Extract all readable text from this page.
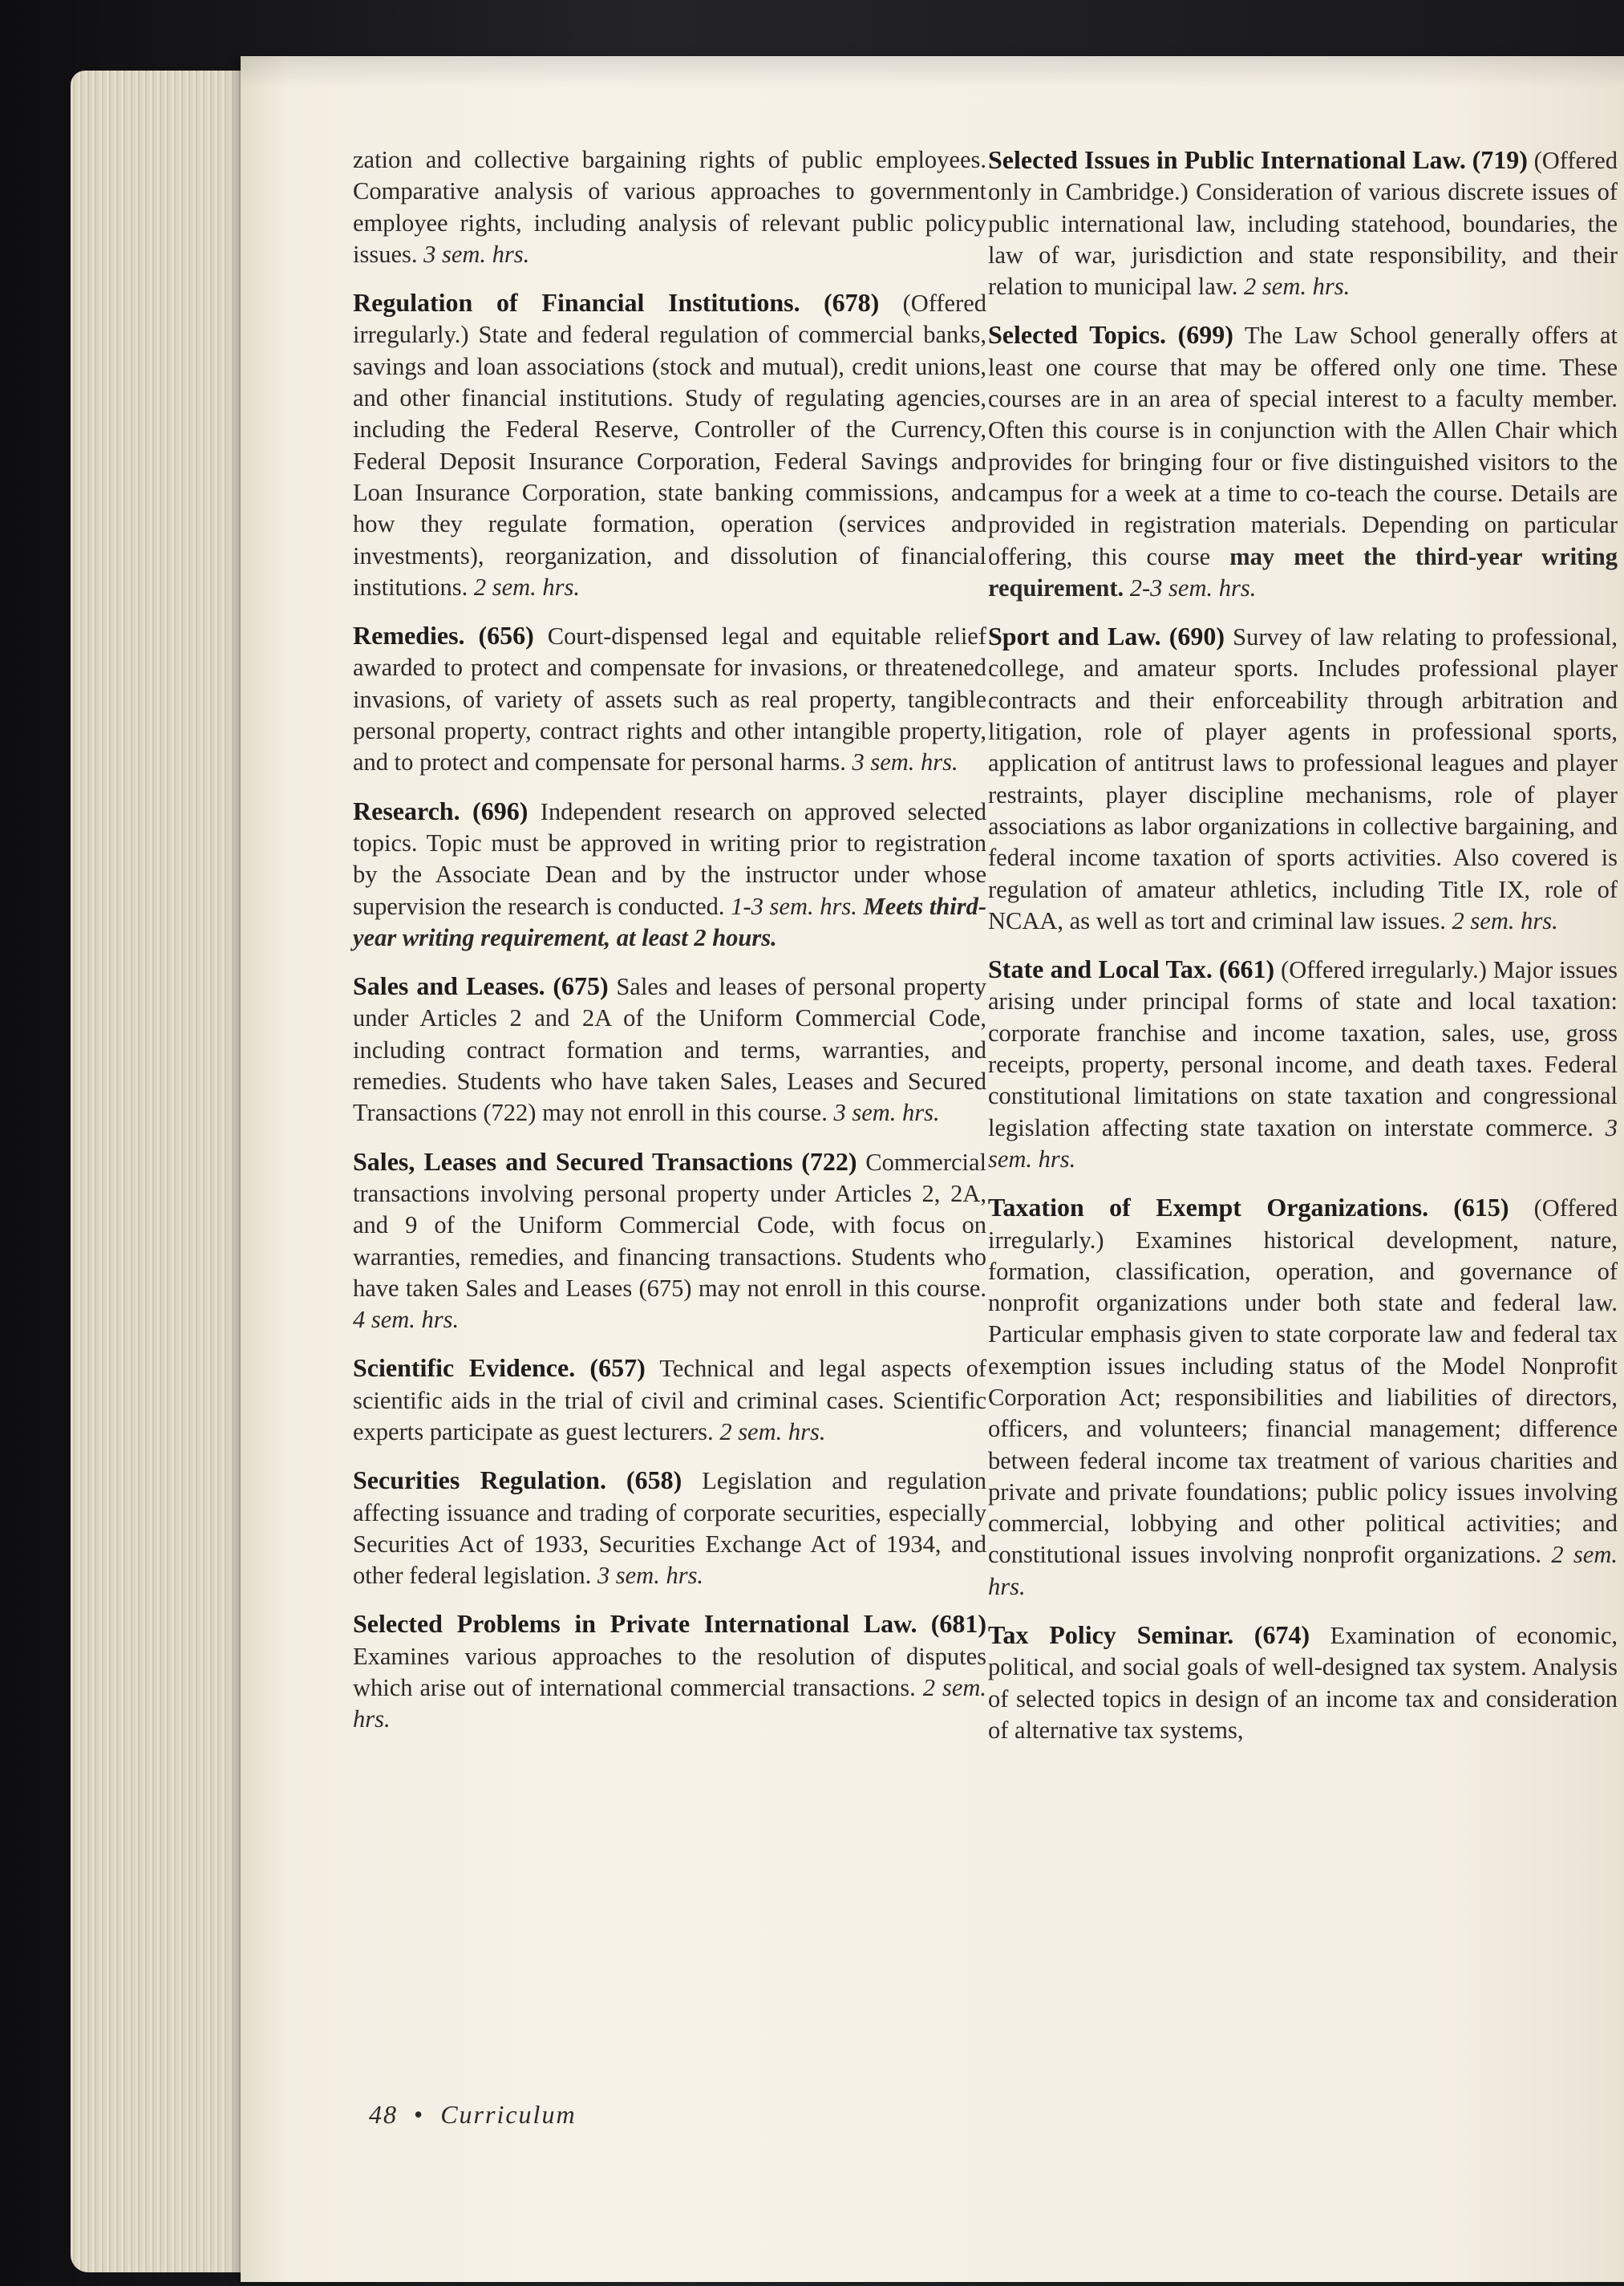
zation and collective bargaining rights of public employees. Comparative analysis of various approaches to government employee rights, including analysis of relevant public policy issues. 3 sem. hrs.

Regulation of Financial Institutions. (678) (Offered irregularly.) State and federal regulation of commercial banks, savings and loan associations (stock and mutual), credit unions, and other financial institutions. Study of regulating agencies, including the Federal Reserve, Controller of the Currency, Federal Deposit Insurance Corporation, Federal Savings and Loan Insurance Corporation, state banking commissions, and how they regulate formation, operation (services and investments), reorganization, and dissolution of financial institutions. 2 sem. hrs.

Remedies. (656) Court-dispensed legal and equitable relief awarded to protect and compensate for invasions, or threatened invasions, of variety of assets such as real property, tangible personal property, contract rights and other intangible property, and to protect and compensate for personal harms. 3 sem. hrs.

Research. (696) Independent research on approved selected topics. Topic must be approved in writing prior to registration by the Associate Dean and by the instructor under whose supervision the research is conducted. 1-3 sem. hrs. Meets third-year writing requirement, at least 2 hours.

Sales and Leases. (675) Sales and leases of personal property under Articles 2 and 2A of the Uniform Commercial Code, including contract formation and terms, warranties, and remedies. Students who have taken Sales, Leases and Secured Transactions (722) may not enroll in this course. 3 sem. hrs.

Sales, Leases and Secured Transactions (722) Commercial transactions involving personal property under Articles 2, 2A, and 9 of the Uniform Commercial Code, with focus on warranties, remedies, and financing transactions. Students who have taken Sales and Leases (675) may not enroll in this course. 4 sem. hrs.

Scientific Evidence. (657) Technical and legal aspects of scientific aids in the trial of civil and criminal cases. Scientific experts participate as guest lecturers. 2 sem. hrs.

Securities Regulation. (658) Legislation and regulation affecting issuance and trading of corporate securities, especially Securities Act of 1933, Securities Exchange Act of 1934, and other federal legislation. 3 sem. hrs.

Selected Problems in Private International Law. (681) Examines various approaches to the resolution of disputes which arise out of international commercial transactions. 2 sem. hrs.

Selected Issues in Public International Law. (719) (Offered only in Cambridge.) Consideration of various discrete issues of public international law, including statehood, boundaries, the law of war, jurisdiction and state responsibility, and their relation to municipal law. 2 sem. hrs.

Selected Topics. (699) The Law School generally offers at least one course that may be offered only one time. These courses are in an area of special interest to a faculty member. Often this course is in conjunction with the Allen Chair which provides for bringing four or five distinguished visitors to the campus for a week at a time to co-teach the course. Details are provided in registration materials. Depending on particular offering, this course may meet the third-year writing requirement. 2-3 sem. hrs.

Sport and Law. (690) Survey of law relating to professional, college, and amateur sports. Includes professional player contracts and their enforceability through arbitration and litigation, role of player agents in professional sports, application of antitrust laws to professional leagues and player restraints, player discipline mechanisms, role of player associations as labor organizations in collective bargaining, and federal income taxation of sports activities. Also covered is regulation of amateur athletics, including Title IX, role of NCAA, as well as tort and criminal law issues. 2 sem. hrs.

State and Local Tax. (661) (Offered irregularly.) Major issues arising under principal forms of state and local taxation: corporate franchise and income taxation, sales, use, gross receipts, property, personal income, and death taxes. Federal constitutional limitations on state taxation and congressional legislation affecting state taxation on interstate commerce. 3 sem. hrs.

Taxation of Exempt Organizations. (615) (Offered irregularly.) Examines historical development, nature, formation, classification, operation, and governance of nonprofit organizations under both state and federal law. Particular emphasis given to state corporate law and federal tax exemption issues including status of the Model Nonprofit Corporation Act; responsibilities and liabilities of directors, officers, and volunteers; financial management; difference between federal income tax treatment of various charities and private and private foundations; public policy issues involving commercial, lobbying and other political activities; and constitutional issues involving nonprofit organizations. 2 sem. hrs.

Tax Policy Seminar. (674) Examination of economic, political, and social goals of well-designed tax system. Analysis of selected topics in design of an income tax and consideration of alternative tax systems,

48 • Curriculum
